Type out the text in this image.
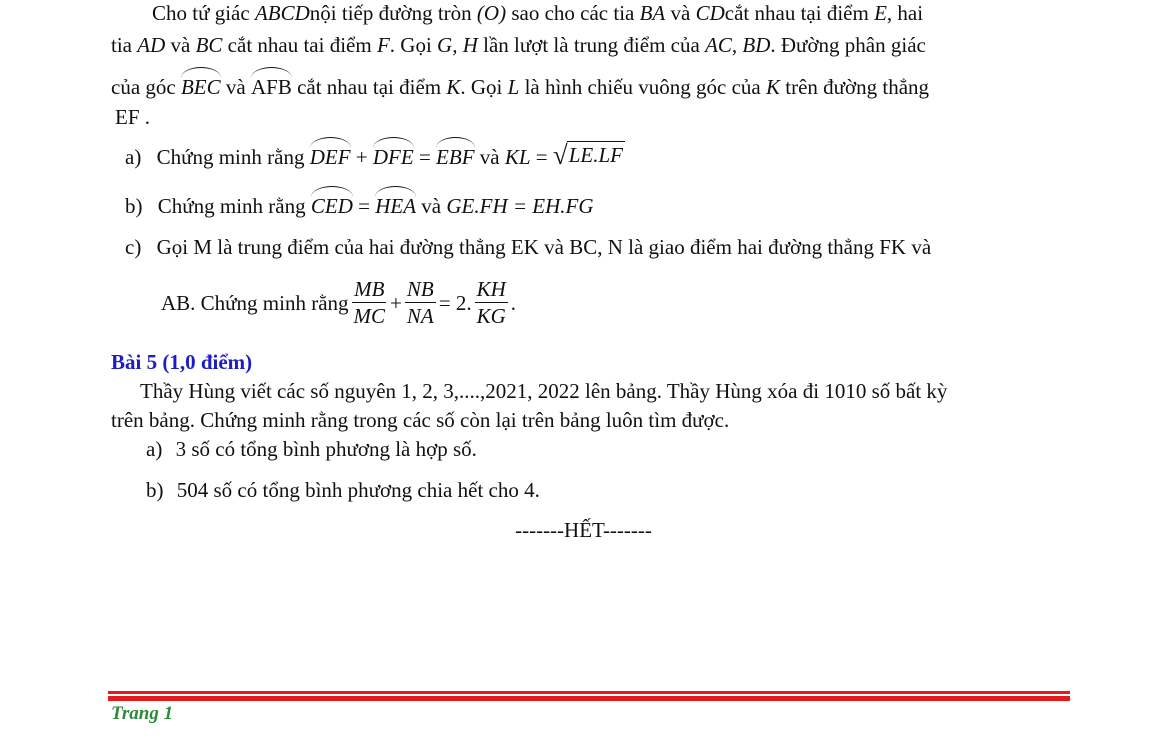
Cho tứ giác ABCDnội tiếp đường tròn (O) sao cho các tia BA và CDcắt nhau tại điểm E, hai
tia AD và BC cắt nhau tai điểm F. Gọi G, H lần lượt là trung điểm của AC, BD. Đường phân giác
của góc
BEC và
AFB cắt nhau tại điểm K. Gọi L là hình chiếu vuông góc của K trên đường thẳng
EF .
a) Chứng minh rằng
DEF +
DFE =
EBF và KL = √ LE.LF
b) Chứng minh rằng
CED =
HEA và GE.FH = EH.FG
c) Gọi M là trung điểm của hai đường thẳng EK và BC, N là giao điểm hai đường thẳng FK và
AB. Chứng minh rằng $\frac{MB}{MC} + \frac{NB}{NA} = 2$. $\frac{KH}{KG}$ .
Bài 5 (1,0 điểm)
Thầy Hùng viết các số nguyên 1, 2, 3,....,2021, 2022 lên bảng. Thầy Hùng xóa đi 1010 số bất kỳ
trên bảng. Chứng minh rằng trong các số còn lại trên bảng luôn tìm được.
a) 3 số có tổng bình phương là hợp số.
b) 504 số có tổng bình phương chia hết cho 4.
-------HẾT-------
Trang 1
